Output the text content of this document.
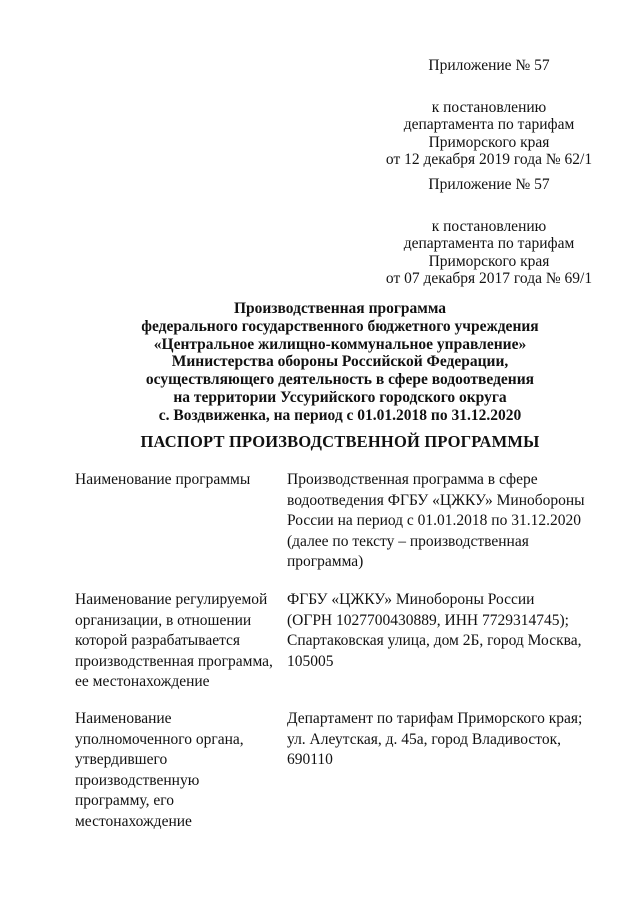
Приложение № 57
к постановлению
департамента по тарифам
Приморского края
от 12 декабря 2019 года № 62/1
Приложение № 57
к постановлению
департамента по тарифам
Приморского края
от 07 декабря 2017 года № 69/1
Производственная программа
федерального государственного бюджетного учреждения
«Центральное жилищно-коммунальное управление»
Министерства обороны Российской Федерации,
осуществляющего деятельность в сфере водоотведения
на территории Уссурийского городского округа
с. Воздвиженка, на период с 01.01.2018 по 31.12.2020
ПАСПОРТ ПРОИЗВОДСТВЕННОЙ ПРОГРАММЫ
Наименование программы	Производственная программа в сфере
водоотведения ФГБУ «ЦЖКУ» Минобороны
России на период с 01.01.2018 по 31.12.2020
(далее по тексту – производственная
программа)
Наименование регулируемой
организации, в отношении
которой разрабатывается
производственная программа,
ее местонахождение
ФГБУ «ЦЖКУ» Минобороны России
(ОГРН 1027700430889, ИНН 7729314745);
Спартаковская улица, дом 2Б, город Москва,
105005
Наименование
уполномоченного органа,
утвердившего
производственную
программу, его
местонахождение
Департамент по тарифам Приморского края;
ул. Алеутская, д. 45а, город Владивосток,
690110
